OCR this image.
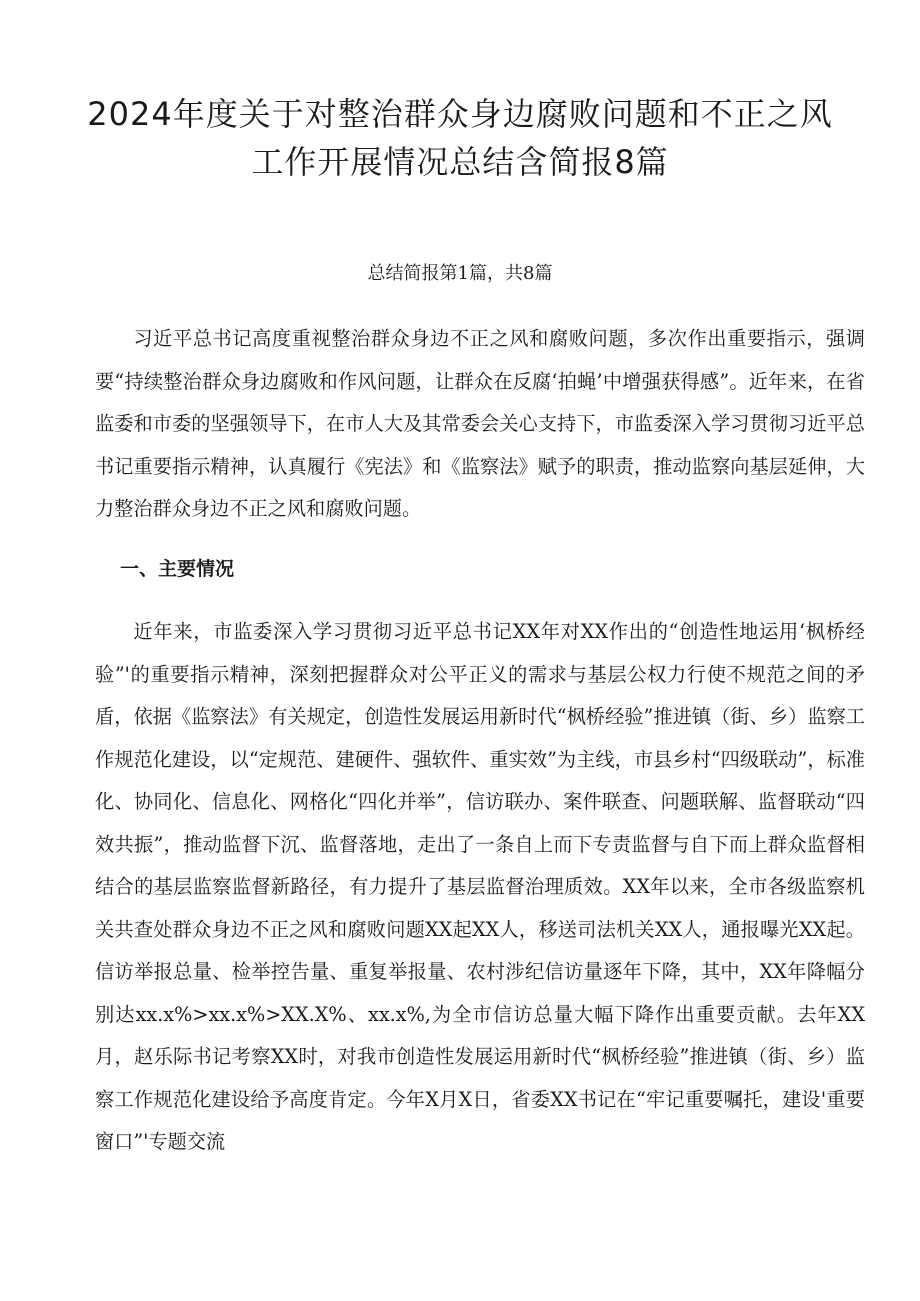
2024年度关于对整治群众身边腐败问题和不正之风
工作开展情况总结含简报8篇
总结简报第1篇，共8篇

习近平总书记高度重视整治群众身边不正之风和腐败问题，多次作出重要指示，强调要“持续整治群众身边腐败和作风问题，让群众在反腐‘拍蝇’中增强获得感”。近年来，在省监委和市委的坚强领导下，在市人大及其常委会关心支持下，市监委深入学习贯彻习近平总书记重要指示精神，认真履行《宪法》和《监察法》赋予的职责，推动监察向基层延伸，大力整治群众身边不正之风和腐败问题。

一、主要情况

近年来，市监委深入学习贯彻习近平总书记XX年对XX作出的“创造性地运用‘枫桥经验”'的重要指示精神，深刻把握群众对公平正义的需求与基层公权力行使不规范之间的矛盾，依据《监察法》有关规定，创造性发展运用新时代“枫桥经验”推进镇（街、乡）监察工作规范化建设，以“定规范、建硬件、强软件、重实效”为主线，市县乡村“四级联动”，标准化、协同化、信息化、网格化“四化并举”，信访联办、案件联查、问题联解、监督联动“四效共振”，推动监督下沉、监督落地，走出了一条自上而下专责监督与自下而上群众监督相结合的基层监察监督新路径，有力提升了基层监督治理质效。XX年以来，全市各级监察机关共查处群众身边不正之风和腐败问题XX起XX人，移送司法机关XX人，通报曝光XX起。信访举报总量、检举控告量、重复举报量、农村涉纪信访量逐年下降，其中，XX年降幅分别达xx.x%>xx.x%>XX.X%、xx.x%,为全市信访总量大幅下降作出重要贡献。去年XX月，赵乐际书记考察XX时，对我市创造性发展运用新时代“枫桥经验”推进镇（街、乡）监察工作规范化建设给予高度肯定。今年X月X日，省委XX书记在“牢记重要嘱托，建设'重要窗口”'专题交流
